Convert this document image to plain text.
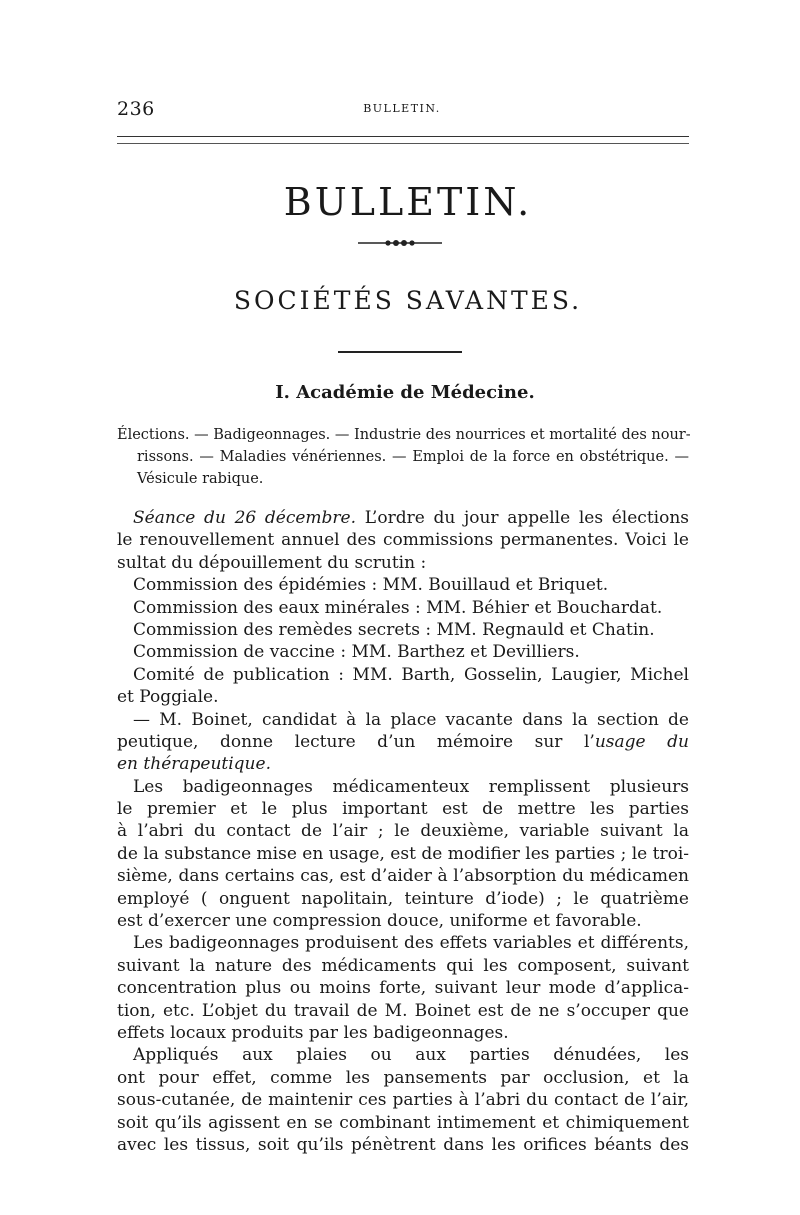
236	BULLETIN.
BULLETIN.
SOCIÉTÉS SAVANTES.
I. Académie de Médecine.
Élections. — Badigeonnages. — Industrie des nourrices et mortalité des nour-
rissons. — Maladies vénériennes. — Emploi de la force en obstétrique. —
Vésicule rabique.
Séance du 26 décembre. L’ordre du jour appelle les élections
le renouvellement annuel des commissions permanentes. Voici le
sultat du dépouillement du scrutin :
Commission des épidémies : MM. Bouillaud et Briquet.
Commission des eaux minérales : MM. Béhier et Bouchardat.
Commission des remèdes secrets : MM. Regnauld et Chatin.
Commission de vaccine : MM. Barthez et Devilliers.
Comité de publication : MM. Barth, Gosselin, Laugier, Michel
et Poggiale.
— M. Boinet, candidat à la place vacante dans la section de
peutique, donne lecture d’un mémoire sur l’usage du
en thérapeutique.
Les badigeonnages médicamenteux remplissent plusieurs
le premier et le plus important est de mettre les parties
à l’abri du contact de l’air ; le deuxième, variable suivant la
de la substance mise en usage, est de modifier les parties ; le troi-
sième, dans certains cas, est d’aider à l’absorption du médicamen
employé ( onguent napolitain, teinture d’iode) ; le quatrième
est d’exercer une compression douce, uniforme et favorable.
Les badigeonnages produisent des effets variables et différents,
suivant la nature des médicaments qui les composent, suivant
concentration plus ou moins forte, suivant leur mode d’applica-
tion, etc. L’objet du travail de M. Boinet est de ne s’occuper que
effets locaux produits par les badigeonnages.
Appliqués aux plaies ou aux parties dénudées, les
ont pour effet, comme les pansements par occlusion, et la
sous-cutanée, de maintenir ces parties à l’abri du contact de l’air,
soit qu’ils agissent en se combinant intimement et chimiquement
avec les tissus, soit qu’ils pénètrent dans les orifices béants des
